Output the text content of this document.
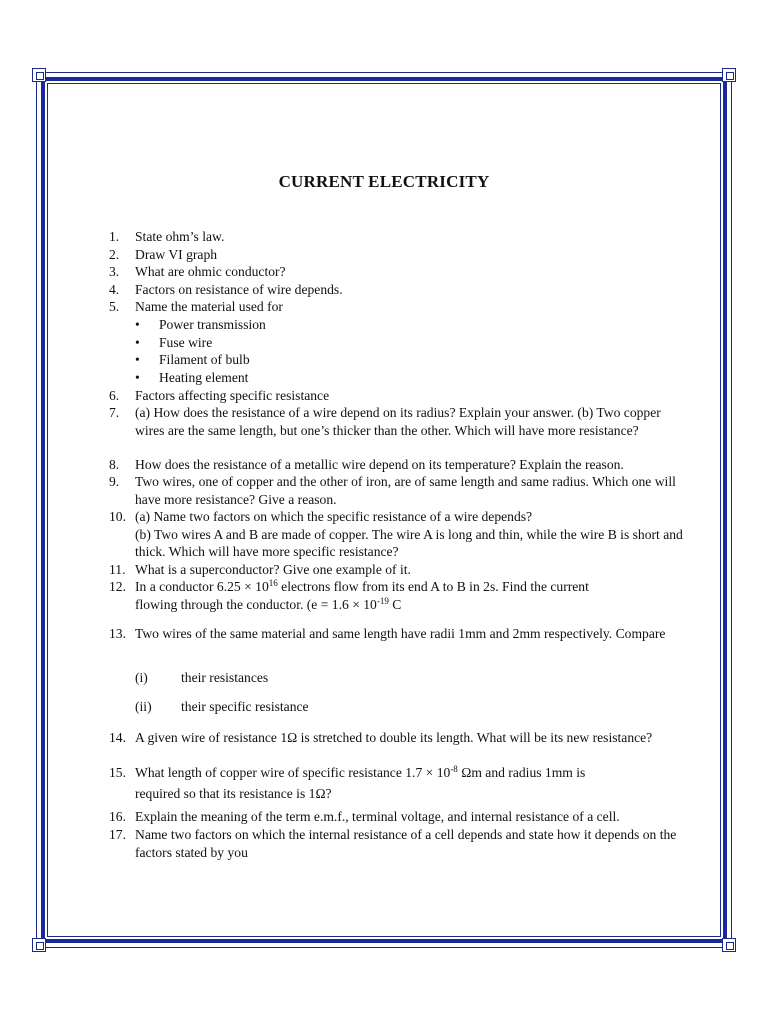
CURRENT ELECTRICITY
1.	State ohm’s law.
2.	Draw VI graph
3.	What are ohmic conductor?
4.	Factors on resistance of wire depends.
5.	Name the material used for
• Power transmission
• Fuse wire
• Filament of bulb
• Heating element
6.	Factors affecting specific resistance
7.	(a) How does the resistance of a wire depend on its radius? Explain your answer. (b) Two copper wires are the same length, but one’s thicker than the other. Which will have more resistance?
8.	How does the resistance of a metallic wire depend on its temperature? Explain the reason.
9.	Two wires, one of copper and the other of iron, are of same length and same radius. Which one will have more resistance? Give a reason.
10. (a) Name two factors on which the specific resistance of a wire depends?
(b) Two wires A and B are made of copper. The wire A is long and thin, while the wire B is short and thick. Which will have more specific resistance?
11. What is a superconductor? Give one example of it.
12. In a conductor $6.25 \times 10^{16}$ electrons flow from its end A to B in 2s. Find the current
flowing through the conductor. ($e = 1.6 \times 10^{-19}$ C
13. Two wires of the same material and same length have radii 1mm and 2mm respectively. Compare
(i) their resistances
(ii) their specific resistance
14. A given wire of resistance 1Ω is stretched to double its length. What will be its new resistance?
15. What length of copper wire of specific resistance $1.7 \times 10^{-8}$ Ωm and radius 1mm is
required so that its resistance is 1Ω?
16. Explain the meaning of the term e.m.f., terminal voltage, and internal resistance of a cell.
17. Name two factors on which the internal resistance of a cell depends and state how it depends on the factors stated by you
